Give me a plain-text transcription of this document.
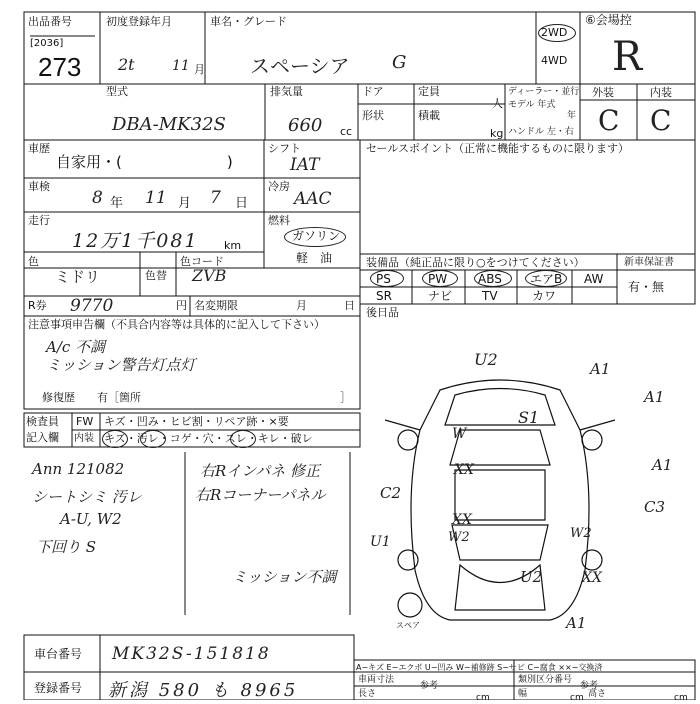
出品番号
[2036]
273
初度登録年月
2t	11 月
車名・グレード
スペーシア G
2WD
4WD
⑥会場控
R
型式
DBA-MK32S
排気量
660 cc
ドア
形状
定員
人
積載
kg
ディーラー・並行
モデル 年式
年
ハンドル 左・右
外装	内装
C C
車歴
自家用・(　　　　　　　)
車検
8 年 11 月 7 日
走行
12万1千081 km
色
ミドリ	色替
色コード
ZVB
R券 9770	円 名変期限	月	日
シフト
IAT
冷房
AAC
燃料
ガソリン
軽　油
セールスポイント（正常に機能するものに限ります）
装備品（純正品に限り○をつけてください）	新車保証書
有・無
後日品
PS	PW	ABS エアB AW
SR	ナビ TV	カワ
注意事項申告欄（不具合内容等は具体的に記入して下さい）
A/c 不調
ミッション警告灯点灯
修復歴　　有［箇所	］
検査員
記入欄
FW
内装
キズ・凹み・ヒビ割・リペア跡・×要
キズ・汚レ・コゲ・穴・スレ・キレ・破レ
Ann 121082
シートシミ 汚レ
A-U, W2
下回り S
右Rインパネ 修正
右Rコーナーパネル
ミッション不調
U2	A1
A1
S1
W
A1
XX
C2
C3
XX
W2	W2
U1
U2	XX
A1
スペア
車台番号 MK32S-151818
登録番号 新潟 580 も 8965
A−キズ E−エクボ U−凹み W−補修跡 S−サビ C−腐食 ××−交換済
車両寸法	類別区分番号
参考	参考
長さ	cm	幅	cm 高さ	cm
